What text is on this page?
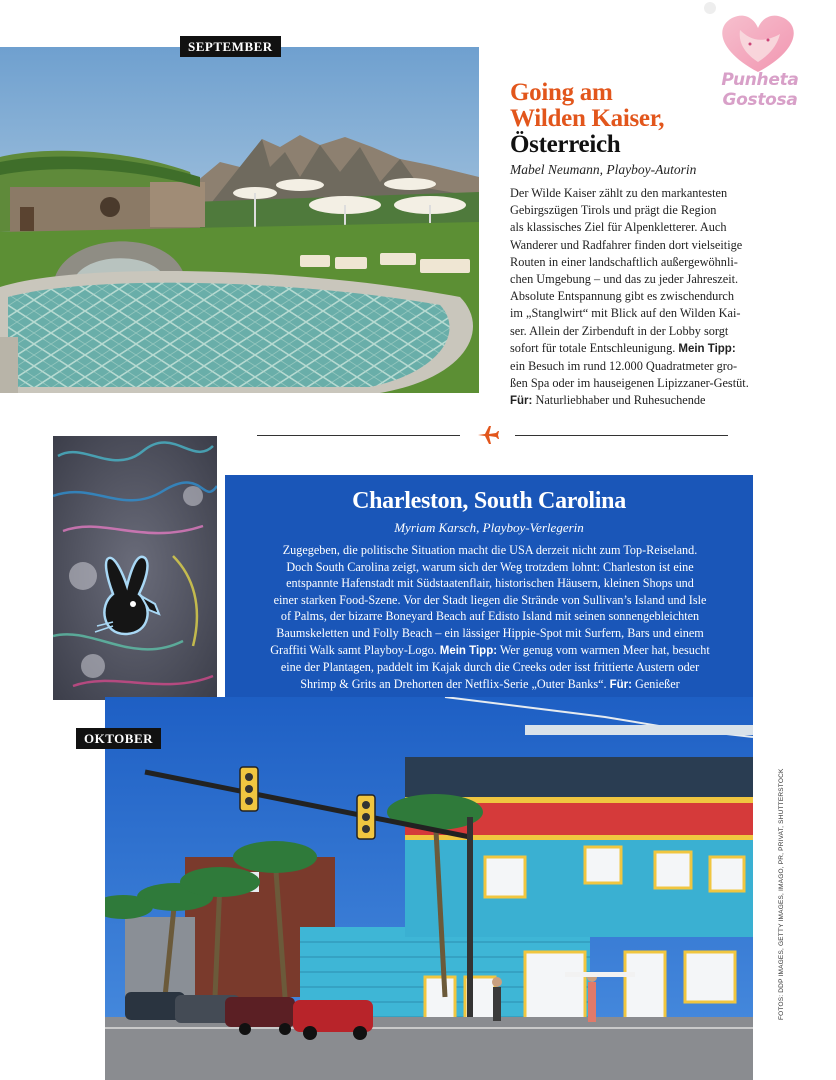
Punheta Gostosa
SEPTEMBER
Going am
Wilden Kaiser,
Österreich
Mabel Neumann, Playboy-Autorin
Der Wilde Kaiser zählt zu den markantesten
Gebirgszügen Tirols und prägt die Region
als klassisches Ziel für Alpenkletterer. Auch
Wanderer und Radfahrer finden dort vielseitige
Routen in einer landschaftlich außergewöhnli-
chen Umgebung – und das zu jeder Jahreszeit.
Absolute Entspannung gibt es zwischendurch
im „Stanglwirt“ mit Blick auf den Wilden Kai-
ser. Allein der Zirbenduft in der Lobby sorgt
sofort für totale Entschleunigung. Mein Tipp:
ein Besuch im rund 12.000 Quadratmeter gro-
ßen Spa oder im hauseigenen Lipizzaner-Gestüt.
Für: Naturliebhaber und Ruhesuchende
Charleston, South Carolina
Myriam Karsch, Playboy-Verlegerin
Zugegeben, die politische Situation macht die USA derzeit nicht zum Top-Reiseland.
Doch South Carolina zeigt, warum sich der Weg trotzdem lohnt: Charleston ist eine
entspannte Hafenstadt mit Südstaatenflair, historischen Häusern, kleinen Shops und
einer starken Food-Szene. Vor der Stadt liegen die Strände von Sullivan’s Island und Isle
of Palms, der bizarre Boneyard Beach auf Edisto Island mit seinen sonnengebleichten
Baumskeletten und Folly Beach – ein lässiger Hippie-Spot mit Surfern, Bars und einem
Graffiti Walk samt Playboy-Logo. Mein Tipp: Wer genug vom warmen Meer hat, besucht
eine der Plantagen, paddelt im Kajak durch die Creeks oder isst frittierte Austern oder
Shrimp & Grits an Drehorten der Netflix-Serie „Outer Banks“. Für: Genießer
OKTOBER
FOTOS: DDP IMAGES, GETTY IMAGES, IMAGO, PR, PRIVAT, SHUTTERSTOCK
